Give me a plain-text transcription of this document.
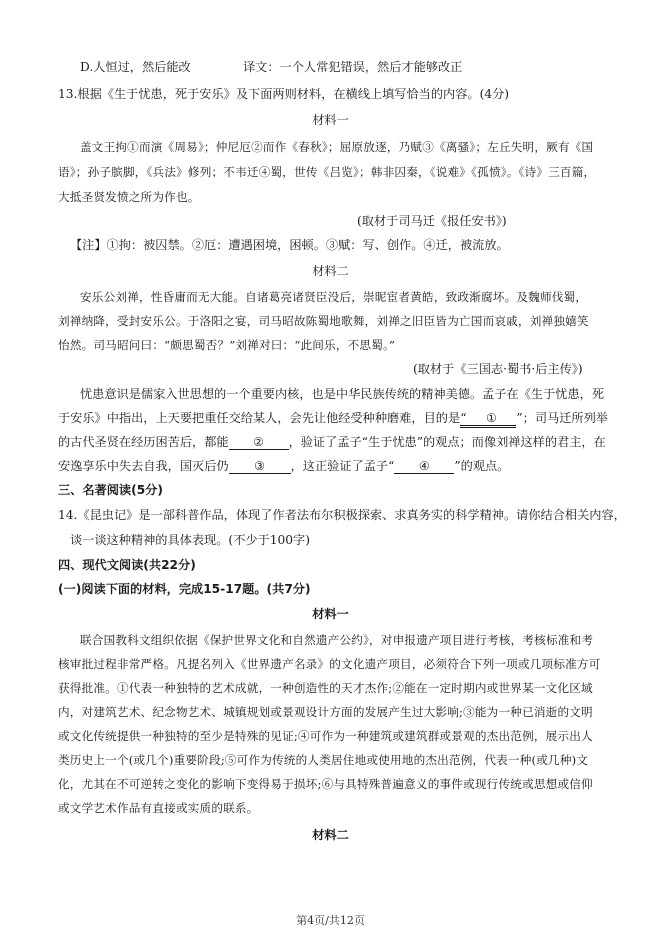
D.人恒过，然后能改	译文：一个人常犯错误，然后才能够改正
13.根据《生于忧患，死于安乐》及下面两则材料，在横线上填写恰当的内容。(4分)
材料一
盖文王拘①而演《周易》；仲尼厄②而作《春秋》；屈原放逐，乃赋③《离骚》；左丘失明，厥有《国
语》；孙子膑脚，《兵法》修列；不韦迁④蜀，世传《吕览》；韩非囚秦，《说难》《孤愤》。《诗》三百篇，
大抵圣贤发愤之所为作也。
(取材于司马迁《报任安书》)
【注】①拘：被囚禁。②厄：遭遇困境，困顿。③赋：写、创作。④迁，被流放。
材料二
安乐公刘禅，性昏庸而无大能。自诸葛亮诸贤臣没后，崇昵宦者黄皓，致政渐腐坏。及魏师伐蜀，
刘禅纳降，受封安乐公。于洛阳之宴，司马昭故陈蜀地歌舞，刘禅之旧臣皆为亡国而哀戚，刘禅独嬉笑
怡然。司马昭问曰：“颇思蜀否？”刘禅对曰：“此间乐，不思蜀。”
(取材于《三国志·蜀书·后主传》)
忧患意识是儒家入世思想的一个重要内核，也是中华民族传统的精神美德。孟子在《生于忧患，死
于安乐》中指出，上天要把重任交给某人，会先让他经受种种磨难，目的是“ ① ”；司马迁所列举
的古代圣贤在经历困苦后，都能 ② ，验证了孟子“生于忧患”的观点；而像刘禅这样的君主，在
安逸享乐中失去自我，国灭后仍 ③ ，这正验证了孟子“ ④ ”的观点。
三、名著阅读(5分)
14.《昆虫记》是一部科普作品，体现了作者法布尔积极探索、求真务实的科学精神。请你结合相关内容，
谈一谈这种精神的具体表现。(不少于100字)
四、现代文阅读(共22分)
(一)阅读下面的材料，完成15-17题。(共7分)
材料一
联合国教科文组织依据《保护世界文化和自然遗产公约》，对申报遗产项目进行考核，考核标准和考
核审批过程非常严格。凡提名列入《世界遗产名录》的文化遗产项目，必须符合下列一项或几项标准方可
获得批准。①代表一种独特的艺术成就，一种创造性的天才杰作;②能在一定时期内或世界某一文化区域
内，对建筑艺术、纪念物艺术、城镇规划或景观设计方面的发展产生过大影响;③能为一种已消逝的文明
或文化传统提供一种独特的至少是特殊的见证;④可作为一种建筑或建筑群或景观的杰出范例，展示出人
类历史上一个(或几个)重要阶段;⑤可作为传统的人类居住地或使用地的杰出范例，代表一种(或几种)文
化，尤其在不可逆转之变化的影响下变得易于损坏;⑥与具特殊普遍意义的事件或现行传统或思想或信仰
或文学艺术作品有直接或实质的联系。
材料二
第4页/共12页
